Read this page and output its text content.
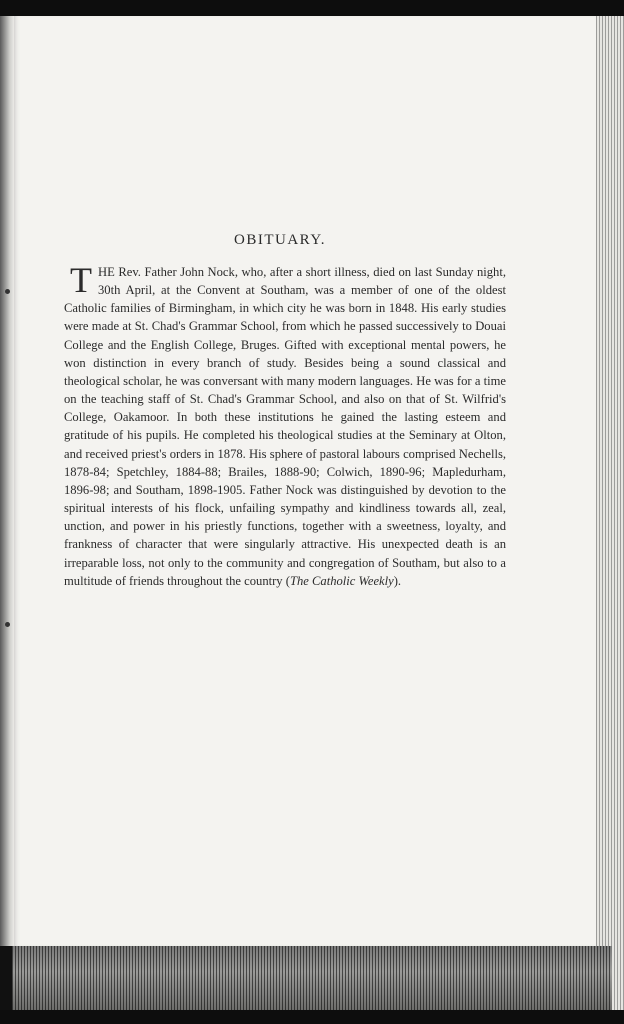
OBITUARY.
THE Rev. Father John Nock, who, after a short illness, died on last Sunday night, 30th April, at the Convent at Southam, was a member of one of the oldest Catholic families of Birmingham, in which city he was born in 1848. His early studies were made at St. Chad's Grammar School, from which he passed successively to Douai College and the English College, Bruges. Gifted with exceptional mental powers, he won distinction in every branch of study. Besides being a sound classical and theological scholar, he was conversant with many modern languages. He was for a time on the teaching staff of St. Chad's Grammar School, and also on that of St. Wilfrid's College, Oakamoor. In both these institutions he gained the lasting esteem and gratitude of his pupils. He completed his theological studies at the Seminary at Olton, and received priest's orders in 1878. His sphere of pastoral labours comprised Nechells, 1878-84; Spetchley, 1884-88; Brailes, 1888-90; Colwich, 1890-96; Mapledurham, 1896-98; and Southam, 1898-1905. Father Nock was distinguished by devotion to the spiritual interests of his flock, unfailing sympathy and kindliness towards all, zeal, unction, and power in his priestly functions, together with a sweetness, loyalty, and frankness of character that were singularly attractive. His unexpected death is an irreparable loss, not only to the community and congregation of Southam, but also to a multitude of friends throughout the country (The Catholic Weekly).
